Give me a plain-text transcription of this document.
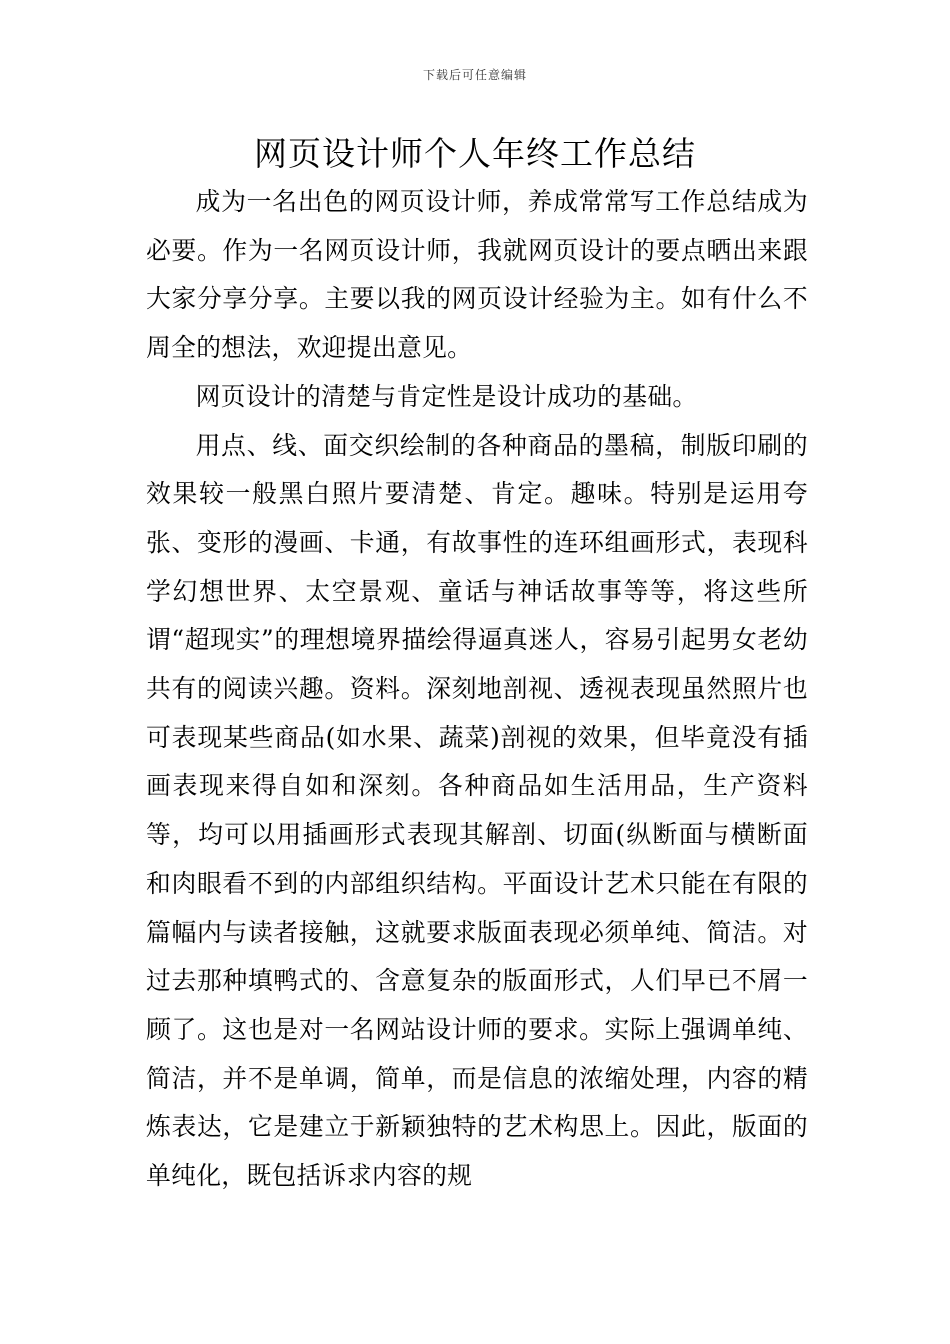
下载后可任意编辑
网页设计师个人年终工作总结

成为一名出色的网页设计师，养成常常写工作总结成为必要。作为一名网页设计师，我就网页设计的要点晒出来跟大家分享分享。主要以我的网页设计经验为主。如有什么不周全的想法，欢迎提出意见。

网页设计的清楚与肯定性是设计成功的基础。

用点、线、面交织绘制的各种商品的墨稿，制版印刷的效果较一般黑白照片要清楚、肯定。趣味。特别是运用夸张、变形的漫画、卡通，有故事性的连环组画形式，表现科学幻想世界、太空景观、童话与神话故事等等，将这些所谓“超现实”的理想境界描绘得逼真迷人，容易引起男女老幼共有的阅读兴趣。资料。深刻地剖视、透视表现虽然照片也可表现某些商品(如水果、蔬菜)剖视的效果，但毕竟没有插画表现来得自如和深刻。各种商品如生活用品，生产资料等，均可以用插画形式表现其解剖、切面(纵断面与横断面和肉眼看不到的内部组织结构。平面设计艺术只能在有限的篇幅内与读者接触，这就要求版面表现必须单纯、简洁。对过去那种填鸭式的、含意复杂的版面形式，人们早已不屑一顾了。这也是对一名网站设计师的要求。实际上强调单纯、简洁，并不是单调，简单，而是信息的浓缩处理，内容的精炼表达，它是建立于新颖独特的艺术构思上。因此，版面的单纯化，既包括诉求内容的规
